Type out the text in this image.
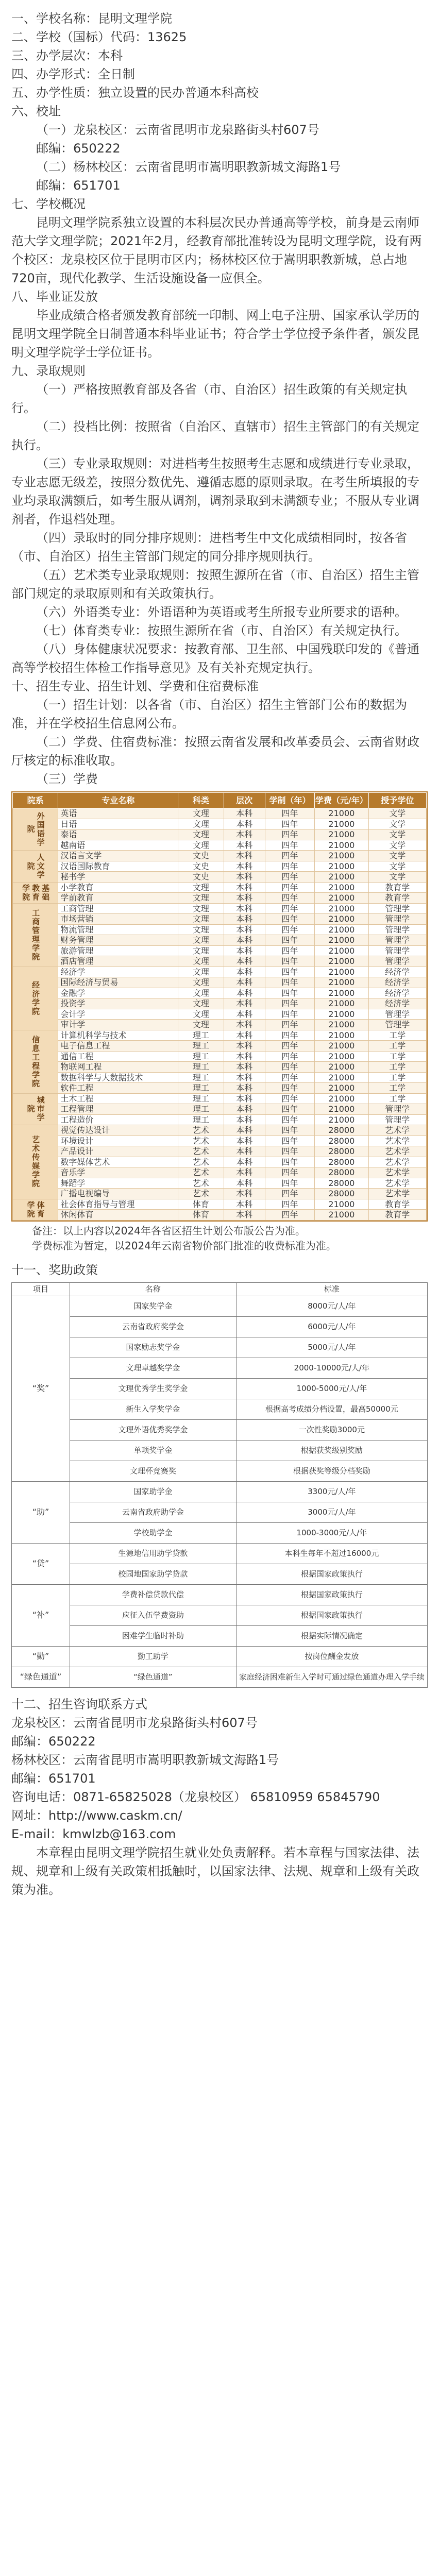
一、学校名称：昆明文理学院

二、学校（国标）代码：13625

三、办学层次：本科

四、办学形式：全日制

五、办学性质：独立设置的民办普通本科高校

六、校址

（一）龙泉校区：云南省昆明市龙泉路街头村607号

邮编：650222

（二）杨林校区：云南省昆明市嵩明职教新城文海路1号

邮编：651701

七、学校概况

昆明文理学院系独立设置的本科层次民办普通高等学校，前身是云南师范大学文理学院；2021年2月，经教育部批准转设为昆明文理学院，设有两个校区：龙泉校区位于昆明市区内；杨林校区位于嵩明职教新城，总占地720亩，现代化教学、生活设施设备一应俱全。

八、毕业证发放

毕业成绩合格者颁发教育部统一印制、网上电子注册、国家承认学历的昆明文理学院全日制普通本科毕业证书；符合学士学位授予条件者，颁发昆明文理学院学士学位证书。

九、录取规则

（一）严格按照教育部及各省（市、自治区）招生政策的有关规定执行。

（二）投档比例：按照省（自治区、直辖市）招生主管部门的有关规定执行。

（三）专业录取规则：对进档考生按照考生志愿和成绩进行专业录取，专业志愿无级差，按照分数优先、遵循志愿的原则录取。在考生所填报的专业均录取满额后，如考生服从调剂，调剂录取到未满额专业；不服从专业调剂者，作退档处理。

（四）录取时的同分排序规则：进档考生中文化成绩相同时，按各省（市、自治区）招生主管部门规定的同分排序规则执行。

（五）艺术类专业录取规则：按照生源所在省（市、自治区）招生主管部门规定的录取原则和有关政策执行。

（六）外语类专业：外语语种为英语或考生所报专业所要求的语种。

（七）体育类专业：按照生源所在省（市、自治区）有关规定执行。

（八）身体健康状况要求：按教育部、卫生部、中国残联印发的《普通高等学校招生体检工作指导意见》及有关补充规定执行。

十、招生专业、招生计划、学费和住宿费标准

（一）招生计划：以各省（市、自治区）招生主管部门公布的数据为准，并在学校招生信息网公布。

（二）学费、住宿费标准：按照云南省发展和改革委员会、云南省财政厅核定的标准收取。

（三）学费

院系	专业名称	科类	层次	学制（年）	学费（元/年）	授予学位
外国语学院	英语	文理	本科	四年	21000	文学
	日语	文理	本科	四年	21000	文学
	泰语	文理	本科	四年	21000	文学
	越南语	文理	本科	四年	21000	文学
人文学院	汉语言文学	文史	本科	四年	21000	文学
	汉语国际教育	文史	本科	四年	21000	文学
	秘书学	文史	本科	四年	21000	文学
基础教育学院	小学教育	文理	本科	四年	21000	教育学
	学前教育	文理	本科	四年	21000	教育学
工商管理学院	工商管理	文理	本科	四年	21000	管理学
	市场营销	文理	本科	四年	21000	管理学
	物流管理	文理	本科	四年	21000	管理学
	财务管理	文理	本科	四年	21000	管理学
	旅游管理	文理	本科	四年	21000	管理学
	酒店管理	文理	本科	四年	21000	管理学
经济学院	经济学	文理	本科	四年	21000	经济学
	国际经济与贸易	文理	本科	四年	21000	经济学
	金融学	文理	本科	四年	21000	经济学
	投资学	文理	本科	四年	21000	经济学
	会计学	文理	本科	四年	21000	管理学
	审计学	文理	本科	四年	21000	管理学
信息工程学院	计算机科学与技术	理工	本科	四年	21000	工学
	电子信息工程	理工	本科	四年	21000	工学
	通信工程	理工	本科	四年	21000	工学
	物联网工程	理工	本科	四年	21000	工学
	数据科学与大数据技术	理工	本科	四年	21000	工学
	软件工程	理工	本科	四年	21000	工学
城市学院	土木工程	理工	本科	四年	21000	工学
	工程管理	理工	本科	四年	21000	管理学
	工程造价	理工	本科	四年	21000	管理学
艺术传媒学院	视觉传达设计	艺术	本科	四年	28000	艺术学
	环境设计	艺术	本科	四年	28000	艺术学
	产品设计	艺术	本科	四年	28000	艺术学
	数字媒体艺术	艺术	本科	四年	28000	艺术学
	音乐学	艺术	本科	四年	28000	艺术学
	舞蹈学	艺术	本科	四年	28000	艺术学
	广播电视编导	艺术	本科	四年	28000	艺术学
体育学院	社会体育指导与管理	体育	本科	四年	21000	教育学
	休闲体育	体育	本科	四年	21000	教育学

备注：以上内容以2024年各省区招生计划公布版公告为准。

学费标准为暂定，以2024年云南省物价部门批准的收费标准为准。

十一、奖助政策

项目	名称	标准
“奖”	国家奖学金	8000元/人/年
	云南省政府奖学金	6000元/人/年
	国家励志奖学金	5000元/人/年
	文理卓越奖学金	2000-10000元/人/年
	文理优秀学生奖学金	1000-5000元/人/年
	新生入学奖学金	根据高考成绩分档设置，最高50000元
	文理外语优秀奖学金	一次性奖励3000元
	单项奖学金	根据获奖级别奖励
	文理杯竞赛奖	根据获奖等级分档奖励
“助”	国家助学金	3300元/人/年
	云南省政府助学金	3000元/人/年
	学校助学金	1000-3000元/人/年
“贷”	生源地信用助学贷款	本科生每年不超过16000元
	校园地国家助学贷款	根据国家政策执行
“补”	学费补偿贷款代偿	根据国家政策执行
	应征入伍学费资助	根据国家政策执行
	困难学生临时补助	根据实际情况确定
“勤”	勤工助学	按岗位酬金发放
“绿色通道”	“绿色通道”	家庭经济困难新生入学时可通过绿色通道办理入学手续

十二、招生咨询联系方式

龙泉校区：云南省昆明市龙泉路街头村607号

邮编：650222

杨林校区：云南省昆明市嵩明职教新城文海路1号

邮编：651701

咨询电话：0871-65825028（龙泉校区） 65810959 65845790

网址：http://www.caskm.cn/

E-mail：kmwlzb@163.com

本章程由昆明文理学院招生就业处负责解释。若本章程与国家法律、法规、规章和上级有关政策相抵触时，以国家法律、法规、规章和上级有关政策为准。
